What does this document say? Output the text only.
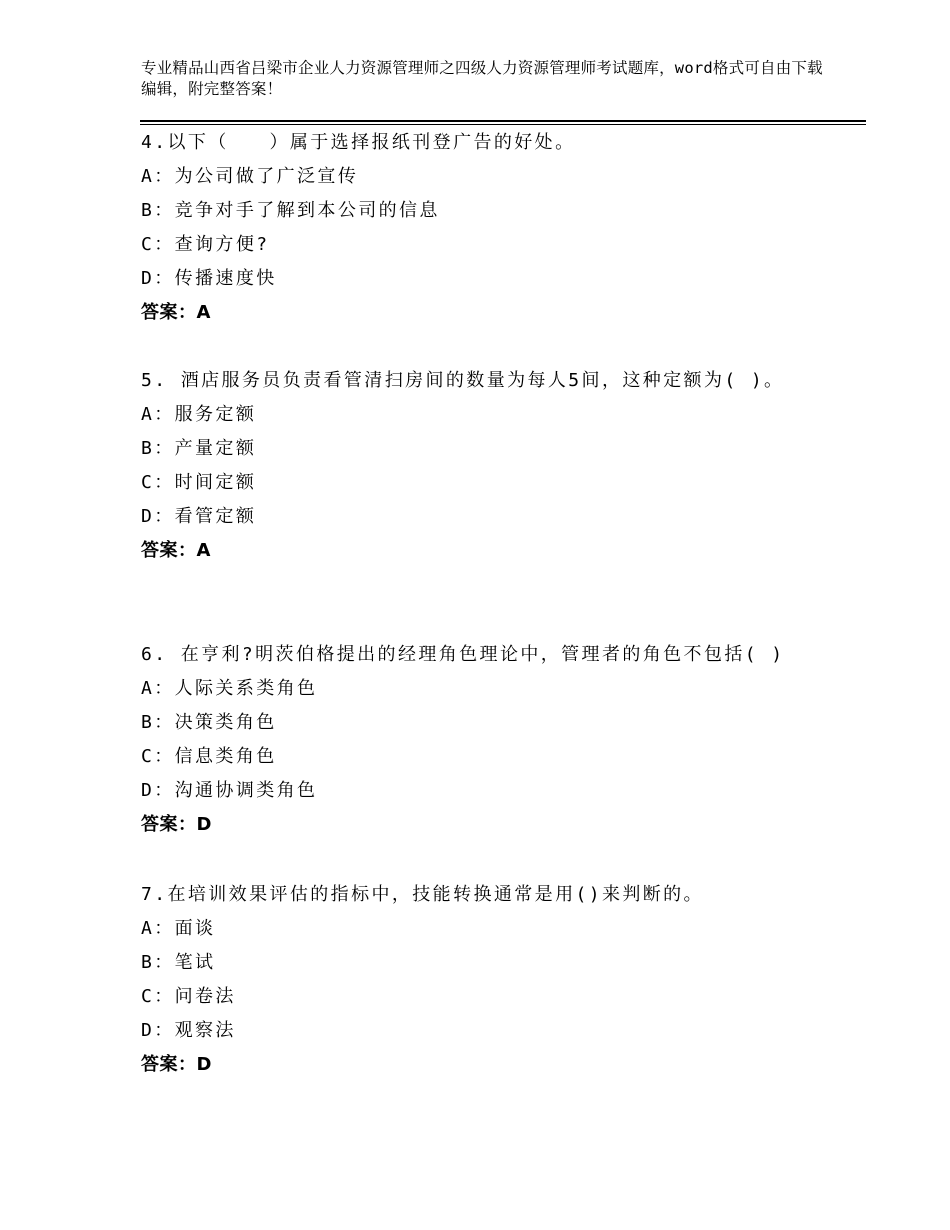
专业精品山西省吕梁市企业人力资源管理师之四级人力资源管理师考试题库，word格式可自由下载编辑，附完整答案！
4.以下（　　）属于选择报纸刊登广告的好处。
A：为公司做了广泛宣传
B：竞争对手了解到本公司的信息
C：查询方便?
D：传播速度快
答案：A
5. 酒店服务员负责看管清扫房间的数量为每人5间，这种定额为( )。
A：服务定额
B：产量定额
C：时间定额
D：看管定额
答案：A
6. 在亨利?明茨伯格提出的经理角色理论中，管理者的角色不包括( )
A：人际关系类角色
B：决策类角色
C：信息类角色
D：沟通协调类角色
答案：D
7.在培训效果评估的指标中，技能转换通常是用()来判断的。
A：面谈
B：笔试
C：问卷法
D：观察法
答案：D
